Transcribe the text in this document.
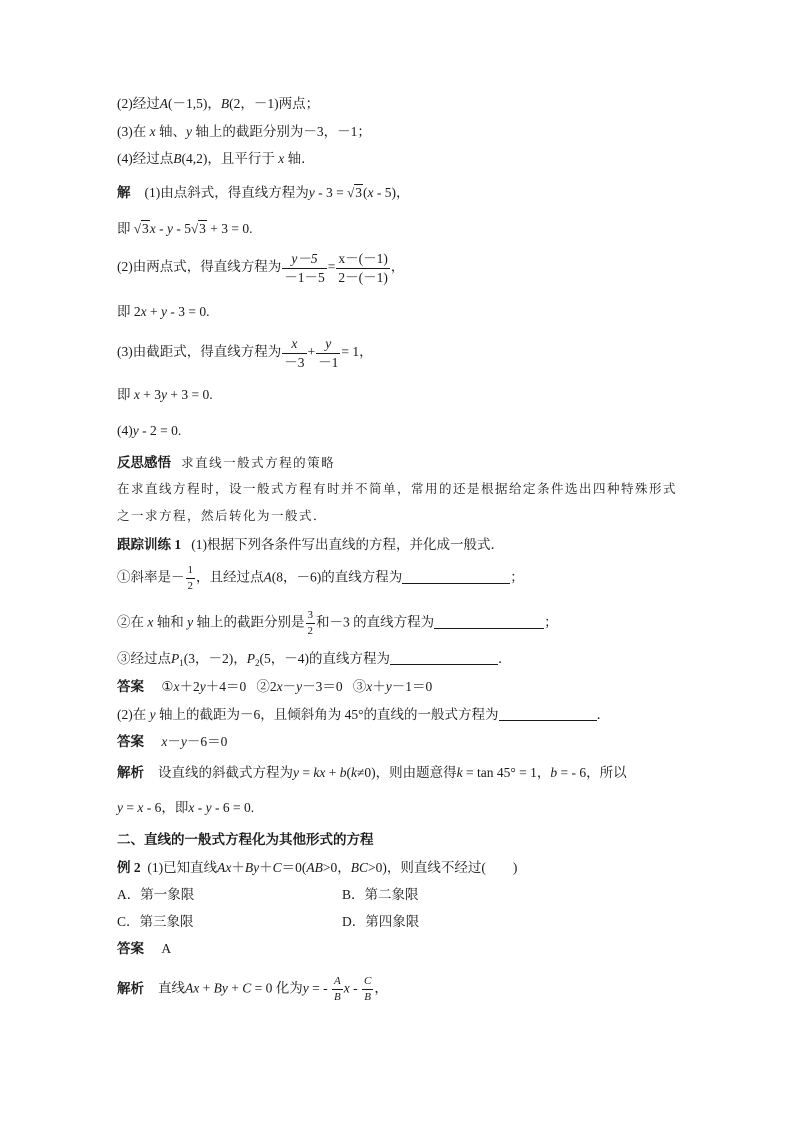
(2)经过A(－1,5)，B(2，－1)两点；
(3)在 x 轴、y 轴上的截距分别为－3，－1；
(4)经过点B(4,2)，且平行于 x 轴．
解 (1)由点斜式，得直线方程为y - 3 = √3(x - 5)，
即 √3x - y - 5√3 + 3 = 0.
(2)由两点式，得直线方程为 $\frac{y-5}{-1-5} = \frac{x-(-1)}{2-(-1)}$ ，
即 2x + y - 3 = 0.
(3)由截距式，得直线方程为 $\frac{x}{-3} + \frac{y}{-1} = 1$，
即 x + 3y + 3 = 0.
(4)y - 2 = 0.
反思感悟 求直线一般式方程的策略
在求直线方程时，设一般式方程有时并不简单，常用的还是根据给定条件选出四种特殊形式
之一求方程，然后转化为一般式．
跟踪训练 1 (1)根据下列各条件写出直线的方程，并化成一般式．
①斜率是－ $\frac{1}{2}$ ，且经过点A(8，－6)的直线方程为	；
②在 x 轴和 y 轴上的截距分别是 $\frac{3}{2}$ 和－3 的直线方程为	；
③经过点$P_1(3$，－2)，$P_2(5$，－4)的直线方程为	．
答案 ①x＋2y＋4＝0 ②2x－y－3＝0 ③x＋y－1＝0
(2)在 y 轴上的截距为－6，且倾斜角为 45°的直线的一般式方程为	．
答案 x－y－6＝0
解析 设直线的斜截式方程为y = kx + b(k≠0)，则由题意得k = tan 45° = 1，b = - 6，所以
y = x - 6，即x - y - 6 = 0.
二、直线的一般式方程化为其他形式的方程
例 2 (1)已知直线Ax＋By＋C＝0(AB>0，BC>0)，则直线不经过(　　)
A．第一象限	B．第二象限
C．第三象限	D．第四象限
答案 A
解析 直线Ax + By + C = 0 化为y = - $\frac{A}{B}$ x - $\frac{C}{B}$ ，
